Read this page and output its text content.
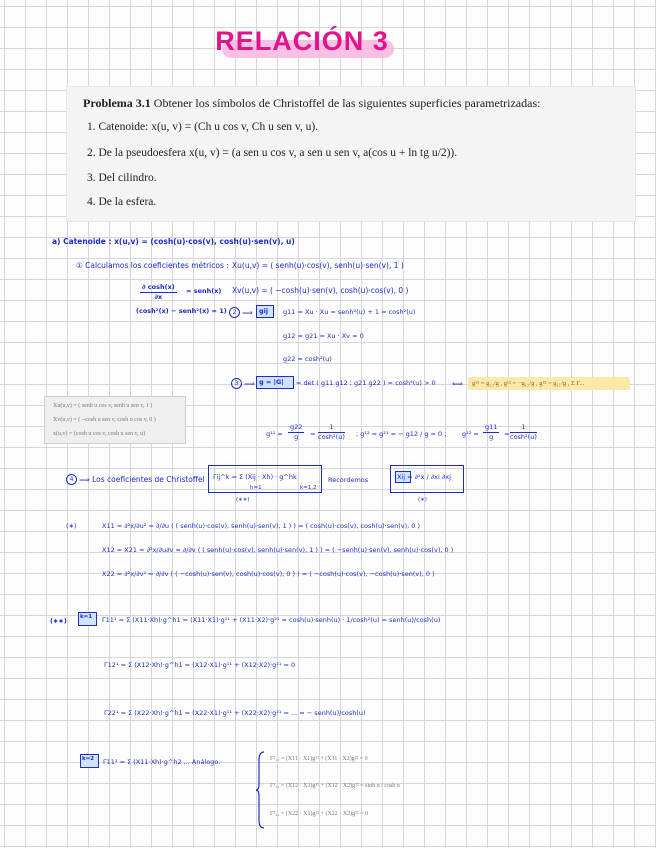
RELACIÓN 3
Problema 3.1 Obtener los símbolos de Christoffel de las siguientes superficies parametrizadas:
1. Catenoide: x(u, v) = (Ch u cos v, Ch u sen v, u).
2. De la pseudoesfera x(u, v) = (a sen u cos v, a sen u sen v, a(cos u + ln tg u/2)).
3. Del cilindro.
4. De la esfera.
a) Catenoide : x(u,v) = (cosh(u)·cos(v), cosh(u)·sen(v), u)
① Calculamos los coeficientes métricos : Xu(u,v) = ( senh(u)·cos(v), senh(u)·sen(v), 1 )
Xv(u,v) = ( −cosh(u)·sen(v), cosh(u)·cos(v), 0 )
$\frac{\partial \cosh(x)}{\partial x}$ = senh(x)
(cosh²(x) − senh²(x) = 1) 2 ⟹ gij g11 = Xu · Xu = senh²(u) + 1 = cosh²(u)
g12 = g21 = Xu · Xv = 0
g22 = cosh²(u)
3 ⟹ g = |G| = det ( g11 g12 ; g21 g22 ) = cosh⁴(u) > 0 ⟺ g¹¹ = g₂₂/g , g¹² = −g₁₂/g , g²² = g₁₁/g , Σ Γ...
Xu(u,v) = ( senh u cos v, senh u sen v, 1 )
Xv(u,v) = ( −cosh u sen v, cosh u cos v, 0 )
x(u,v) = (cosh u cos v, cosh u sen v, u)	$g^{11} = \frac{g22}{g} = \frac{1}{\text{cosh²(u)}}$ ; g¹² = g²¹ = − g12 / g = 0 ; $g^{22} = \frac{g11}{g} = \frac{1}{\text{cosh²(u)}}$
4 ⟹ Los coeficientes de Christoffel : Γij^k = Σ (Xij · Xh) · g^hk
h=1	k=1,2
(∗∗)
Recordemos	Xij = ∂²x / ∂xi ∂xj
(∗)
(∗)	X11 = ∂²x/∂u² = ∂/∂u ( ( senh(u)·cos(v), senh(u)·sen(v), 1 ) ) = ( cosh(u)·cos(v), cosh(u)·sen(v), 0 )
X12 = X21 = ∂²x/∂u∂v = ∂/∂v ( ( senh(u)·cos(v), senh(u)·sen(v), 1 ) ) = ( −senh(u)·sen(v), senh(u)·cos(v), 0 )
X22 = ∂²x/∂v² = ∂/∂v ( ( −cosh(u)·sen(v), cosh(u)·cos(v), 0 ) ) = ( −cosh(u)·cos(v), −cosh(u)·sen(v), 0 )
(∗∗) k=1 Γ11¹ = Σ (X11·Xh)·g^h1 = (X11·X1)·g¹¹ + (X11·X2)·g²¹ = cosh(u)·senh(u) · 1/cosh²(u) = senh(u)/cosh(u)
Γ12¹ = Σ (X12·Xh)·g^h1 = (X12·X1)·g¹¹ + (X12·X2)·g²¹ = 0
Γ22¹ = Σ (X22·Xh)·g^h1 = (X22·X1)·g¹¹ + (X22·X2)·g²¹ = ... = − senh(u)/cosh(u)
k=2 Γ11² = Σ (X11·Xh)·g^h2 ... Análogo.	Γ²₁₁ = (X11 · X1)g¹² + (X11 · X2)g²² = 0
Γ²₁₂ = (X12 · X1)g¹² + (X12 · X2)g²² = sinh u / cosh u
Γ²₂₂ = (X22 · X1)g¹² + (X22 · X2)g²² = 0
